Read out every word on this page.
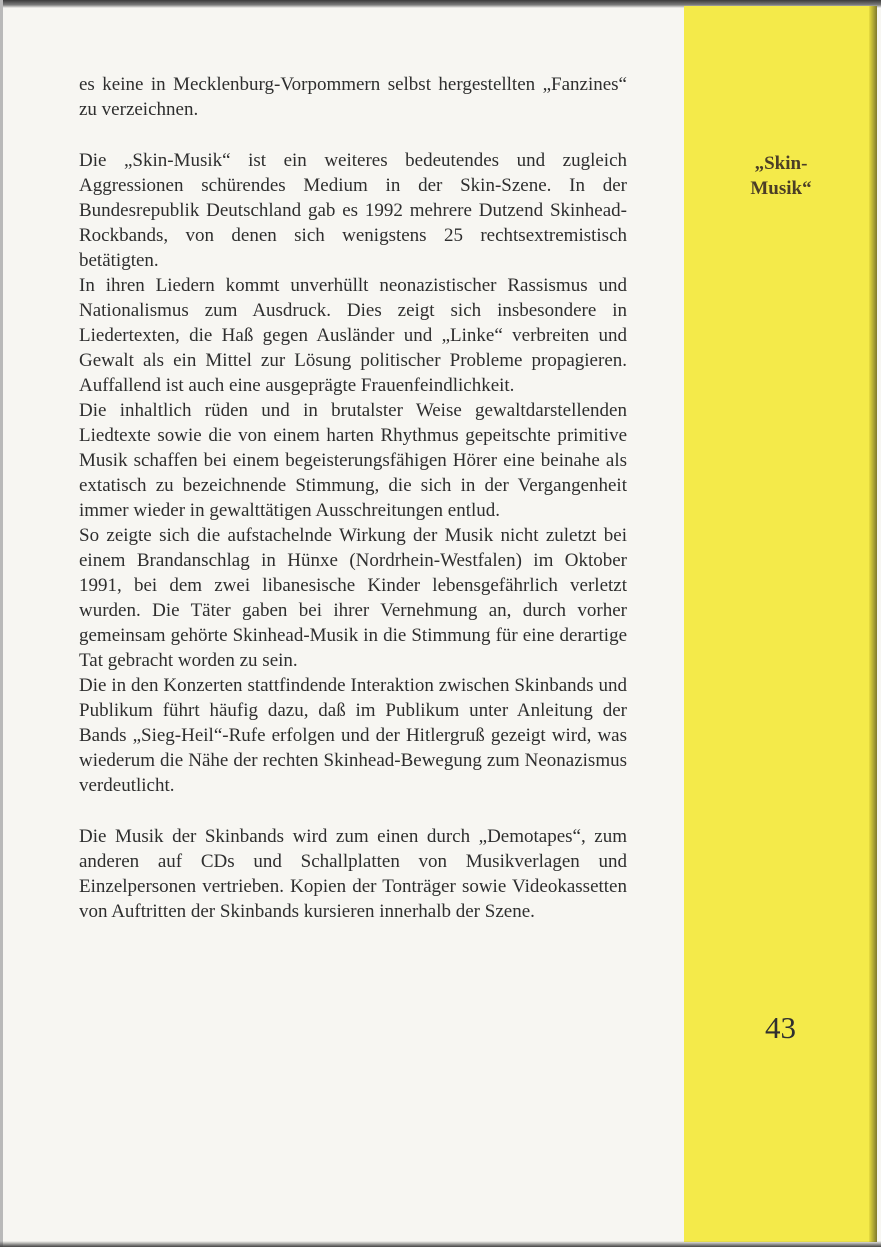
es keine in Mecklenburg-Vorpommern selbst hergestellten „Fanzines“ zu verzeichnen.

Die „Skin-Musik“ ist ein weiteres bedeutendes und zugleich Aggressionen schürendes Medium in der Skin-Szene. In der Bundesrepublik Deutschland gab es 1992 mehrere Dutzend Skinhead-Rockbands, von denen sich wenigstens 25 rechtsextremistisch betätigten.

In ihren Liedern kommt unverhüllt neonazistischer Rassismus und Nationalismus zum Ausdruck. Dies zeigt sich insbesondere in Liedertexten, die Haß gegen Ausländer und „Linke“ verbreiten und Gewalt als ein Mittel zur Lösung politischer Probleme propagieren. Auffallend ist auch eine ausgeprägte Frauenfeindlichkeit.

Die inhaltlich rüden und in brutalster Weise gewaltdarstellenden Liedtexte sowie die von einem harten Rhythmus gepeitschte primitive Musik schaffen bei einem begeisterungsfähigen Hörer eine beinahe als extatisch zu bezeichnende Stimmung, die sich in der Vergangenheit immer wieder in gewalttätigen Ausschreitungen entlud.

So zeigte sich die aufstachelnde Wirkung der Musik nicht zuletzt bei einem Brandanschlag in Hünxe (Nordrhein-Westfalen) im Oktober 1991, bei dem zwei libanesische Kinder lebensgefährlich verletzt wurden. Die Täter gaben bei ihrer Vernehmung an, durch vorher gemeinsam gehörte Skinhead-Musik in die Stimmung für eine derartige Tat gebracht worden zu sein.

Die in den Konzerten stattfindende Interaktion zwischen Skinbands und Publikum führt häufig dazu, daß im Publikum unter Anleitung der Bands „Sieg-Heil“-Rufe erfolgen und der Hitlergruß gezeigt wird, was wiederum die Nähe der rechten Skinhead-Bewegung zum Neonazismus verdeutlicht.

Die Musik der Skinbands wird zum einen durch „Demotapes“, zum anderen auf CDs und Schallplatten von Musikverlagen und Einzelpersonen vertrieben. Kopien der Tonträger sowie Videokassetten von Auftritten der Skinbands kursieren innerhalb der Szene.

„Skin-
Musik“
43
